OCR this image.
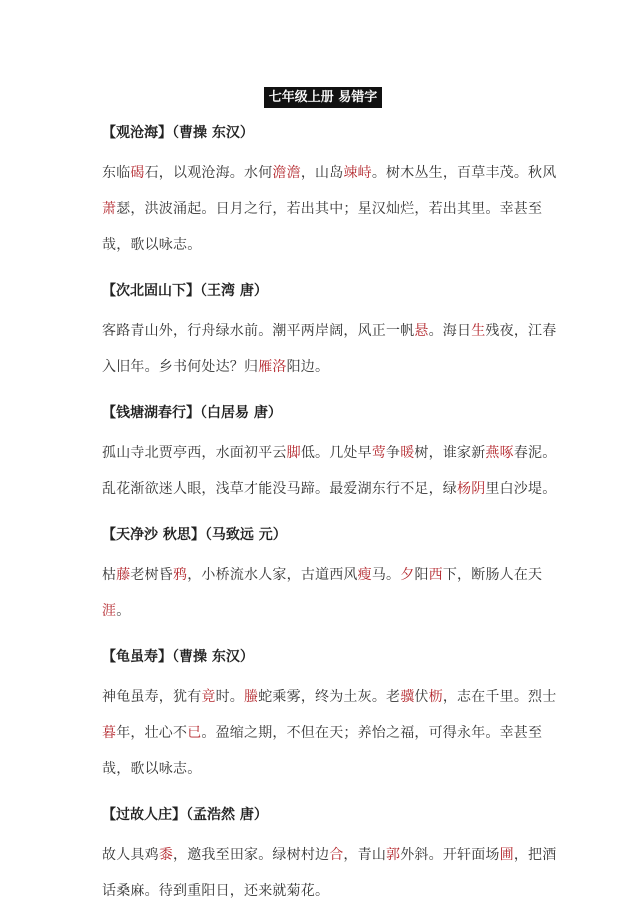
七年级上册 易错字
【观沧海】（曹操 东汉）
东临碣石，以观沧海。水何澹澹，山岛竦峙。树木丛生，百草丰茂。秋风萧瑟，洪波涌起。日月之行，若出其中；星汉灿烂，若出其里。幸甚至哉，歌以咏志。
【次北固山下】（王湾 唐）
客路青山外，行舟绿水前。潮平两岸阔，风正一帆悬。海日生残夜，江春入旧年。乡书何处达？归雁洛阳边。
【钱塘湖春行】（白居易 唐）
孤山寺北贾亭西，水面初平云脚低。几处早莺争暖树，谁家新燕啄春泥。乱花渐欲迷人眼，浅草才能没马蹄。最爱湖东行不足，绿杨阴里白沙堤。
【天净沙 秋思】（马致远 元）
枯藤老树昏鸦，小桥流水人家，古道西风瘦马。夕阳西下，断肠人在天涯。
【龟虽寿】（曹操 东汉）
神龟虽寿，犹有竟时。螣蛇乘雾，终为土灰。老骥伏枥，志在千里。烈士暮年，壮心不已。盈缩之期，不但在天；养怡之福，可得永年。幸甚至哉，歌以咏志。
【过故人庄】（孟浩然 唐）
故人具鸡黍，邀我至田家。绿树村边合，青山郭外斜。开轩面场圃，把酒话桑麻。待到重阳日，还来就菊花。
